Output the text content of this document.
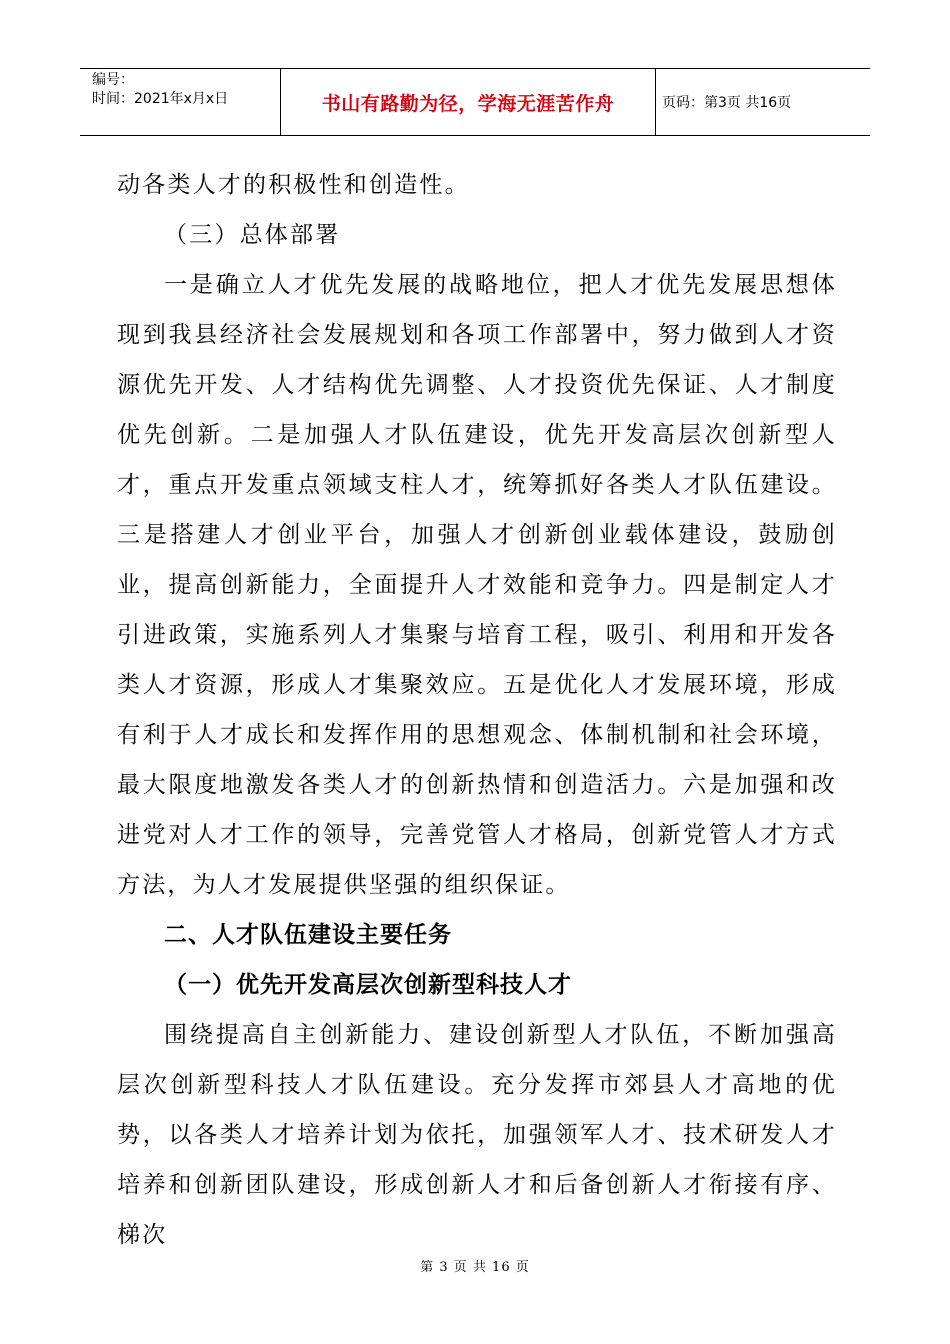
编号：
时间：2021年x月x日	书山有路勤为径，学海无涯苦作舟	页码：第3页 共16页

动各类人才的积极性和创造性。

（三）总体部署

一是确立人才优先发展的战略地位，把人才优先发展思想体现到我县经济社会发展规划和各项工作部署中，努力做到人才资源优先开发、人才结构优先调整、人才投资优先保证、人才制度优先创新。二是加强人才队伍建设，优先开发高层次创新型人才，重点开发重点领域支柱人才，统筹抓好各类人才队伍建设。三是搭建人才创业平台，加强人才创新创业载体建设，鼓励创业，提高创新能力，全面提升人才效能和竞争力。四是制定人才引进政策，实施系列人才集聚与培育工程，吸引、利用和开发各类人才资源，形成人才集聚效应。五是优化人才发展环境，形成有利于人才成长和发挥作用的思想观念、体制机制和社会环境，最大限度地激发各类人才的创新热情和创造活力。六是加强和改进党对人才工作的领导，完善党管人才格局，创新党管人才方式方法，为人才发展提供坚强的组织保证。

二、人才队伍建设主要任务

（一）优先开发高层次创新型科技人才

围绕提高自主创新能力、建设创新型人才队伍，不断加强高层次创新型科技人才队伍建设。充分发挥市郊县人才高地的优势，以各类人才培养计划为依托，加强领军人才、技术研发人才培养和创新团队建设，形成创新人才和后备创新人才衔接有序、梯次

第 3 页 共 16 页
